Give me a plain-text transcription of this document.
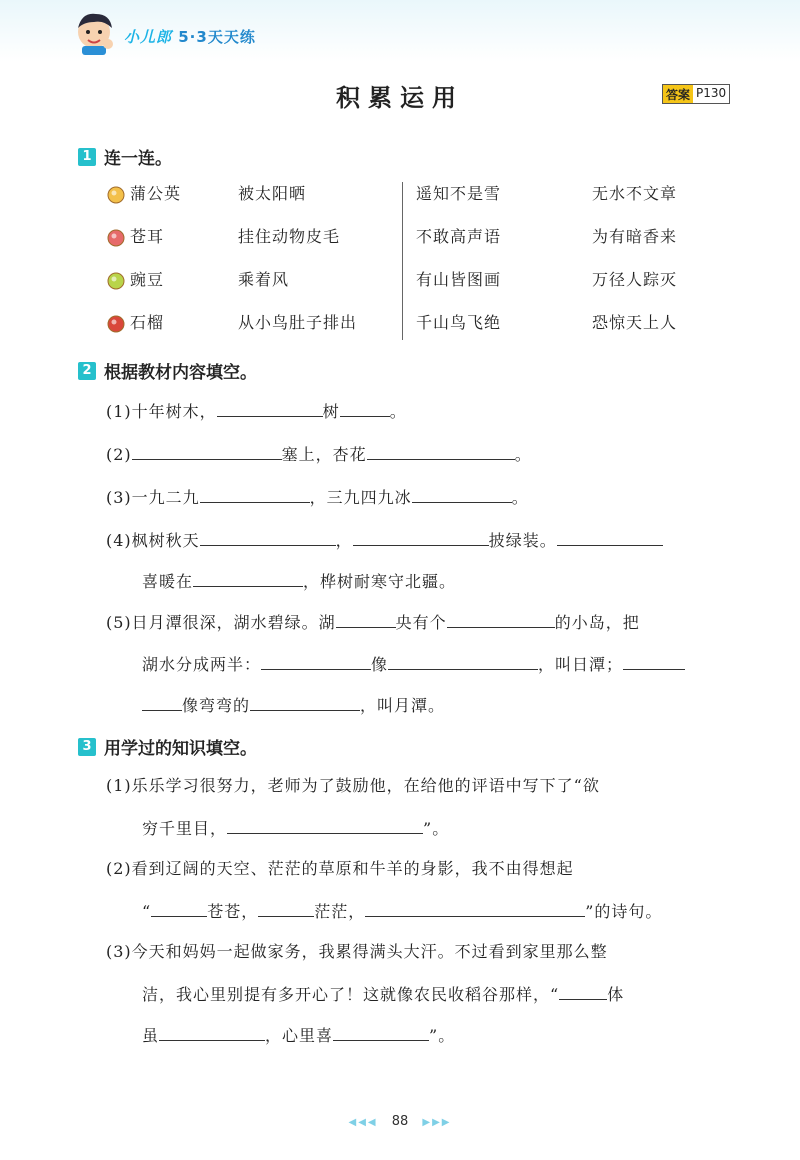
小儿郎 5·3天天练
积累运用	答案 P130
1 连一连。
蒲公英	被太阳晒	遥知不是雪	无水不文章
苍耳	挂住动物皮毛	不敢高声语	为有暗香来
豌豆	乘着风	有山皆图画	万径人踪灭
石榴	从小鸟肚子排出	千山鸟飞绝	恐惊天上人
2 根据教材内容填空。
(1)十年树木，	树	。
(2)	塞上，杏花	。
(3)一九二九	，三九四九冰	。
(4)枫树秋天	，	披绿装。
喜暖在	，桦树耐寒守北疆。
(5)日月潭很深，湖水碧绿。湖	央有个	的小岛，把
湖水分成两半：	像	，叫日潭；
像弯弯的	，叫月潭。
3 用学过的知识填空。
(1)乐乐学习很努力，老师为了鼓励他，在给他的评语中写下了“欲
穷千里目，	”。
(2)看到辽阔的天空、茫茫的草原和牛羊的身影，我不由得想起
“	苍苍，	茫茫，	”的诗句。
(3)今天和妈妈一起做家务，我累得满头大汗。不过看到家里那么整
洁，我心里别提有多开心了！这就像农民收稻谷那样，“	体
虽	，心里喜	”。
◀◀◀ 88 ▶▶▶
